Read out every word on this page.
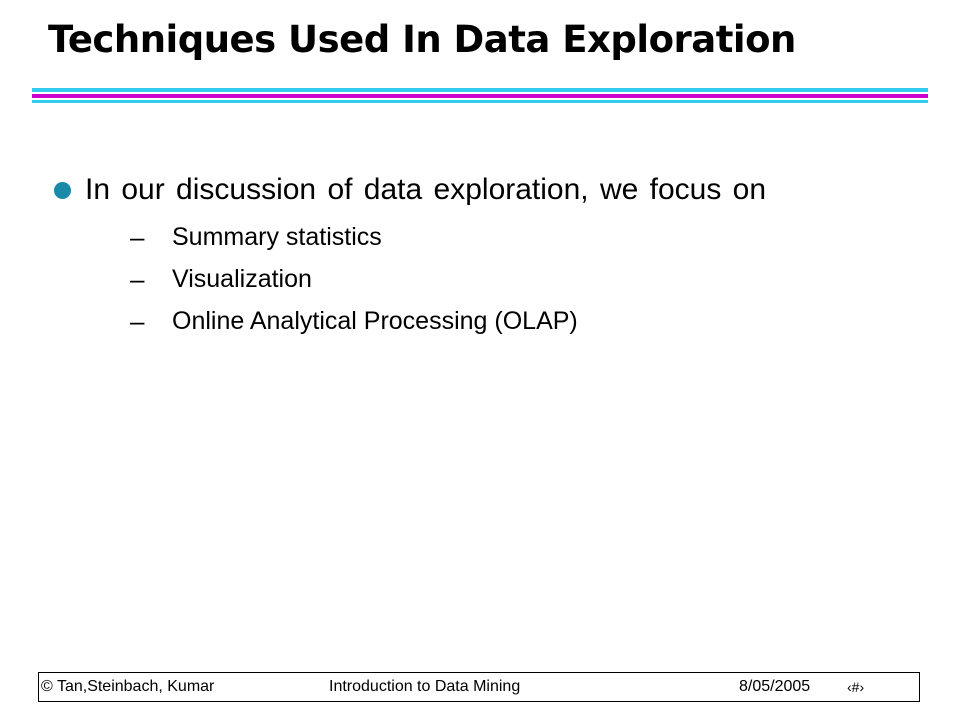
Techniques Used In Data Exploration
In our discussion of data exploration, we focus on
–	Summary statistics
–	Visualization
–	Online Analytical Processing (OLAP)
© Tan,Steinbach, Kumar	Introduction to Data Mining	8/05/2005	‹#›
